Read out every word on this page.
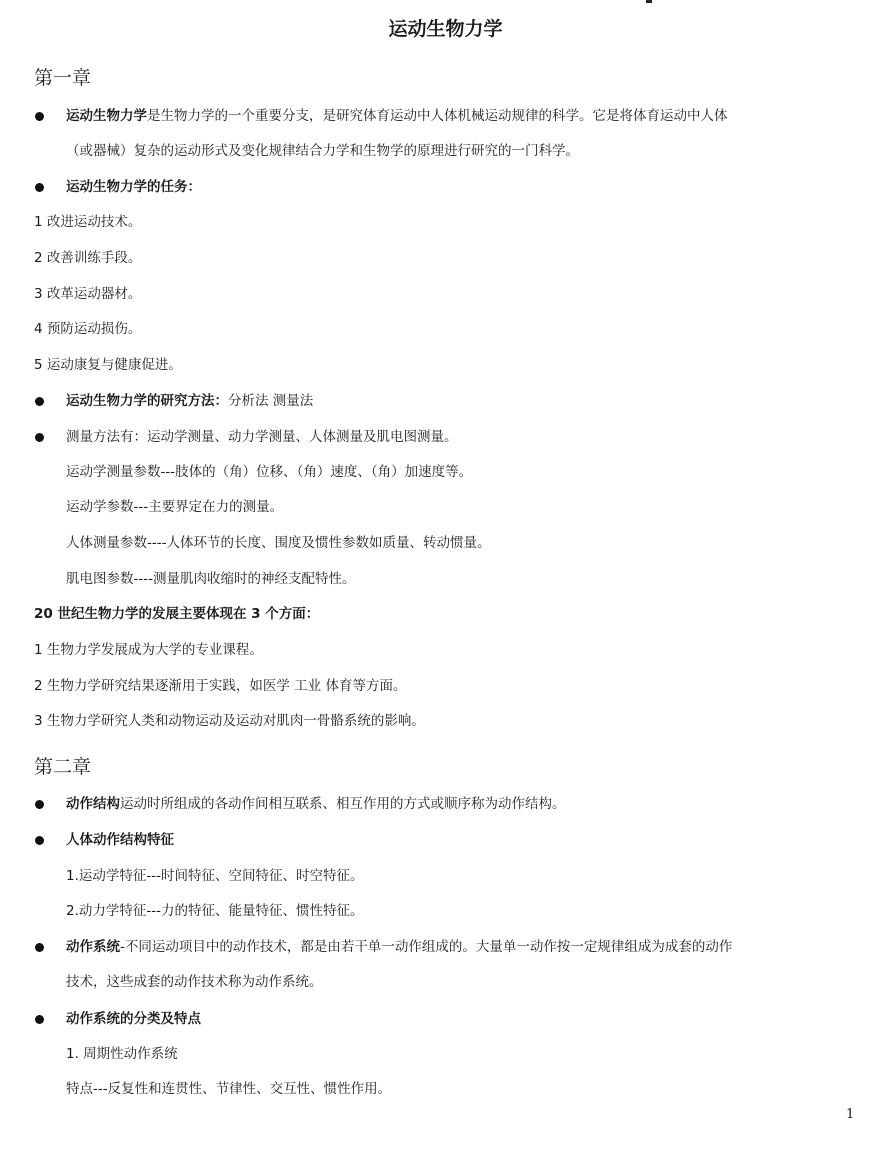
运动生物力学
第一章
运动生物力学是生物力学的一个重要分支，是研究体育运动中人体机械运动规律的科学。它是将体育运动中人体
（或器械）复杂的运动形式及变化规律结合力学和生物学的原理进行研究的一门科学。
运动生物力学的任务：
1 改进运动技术。
2 改善训练手段。
3 改革运动器材。
4 预防运动损伤。
5 运动康复与健康促进。
运动生物力学的研究方法：分析法 测量法
测量方法有：运动学测量、动力学测量、人体测量及肌电图测量。
运动学测量参数---肢体的（角）位移、（角）速度、（角）加速度等。
运动学参数---主要界定在力的测量。
人体测量参数----人体环节的长度、围度及惯性参数如质量、转动惯量。
肌电图参数----测量肌肉收缩时的神经支配特性。
20 世纪生物力学的发展主要体现在 3 个方面：
1 生物力学发展成为大学的专业课程。
2 生物力学研究结果逐渐用于实践，如医学 工业 体育等方面。
3 生物力学研究人类和动物运动及运动对肌肉一骨骼系统的影响。
第二章
动作结构运动时所组成的各动作间相互联系、相互作用的方式或顺序称为动作结构。
人体动作结构特征
1.运动学特征---时间特征、空间特征、时空特征。
2.动力学特征---力的特征、能量特征、惯性特征。
动作系统-不同运动项目中的动作技术，都是由若干单一动作组成的。大量单一动作按一定规律组成为成套的动作
技术，这些成套的动作技术称为动作系统。
动作系统的分类及特点
1. 周期性动作系统
特点---反复性和连贯性、节律性、交互性、惯性作用。
1
